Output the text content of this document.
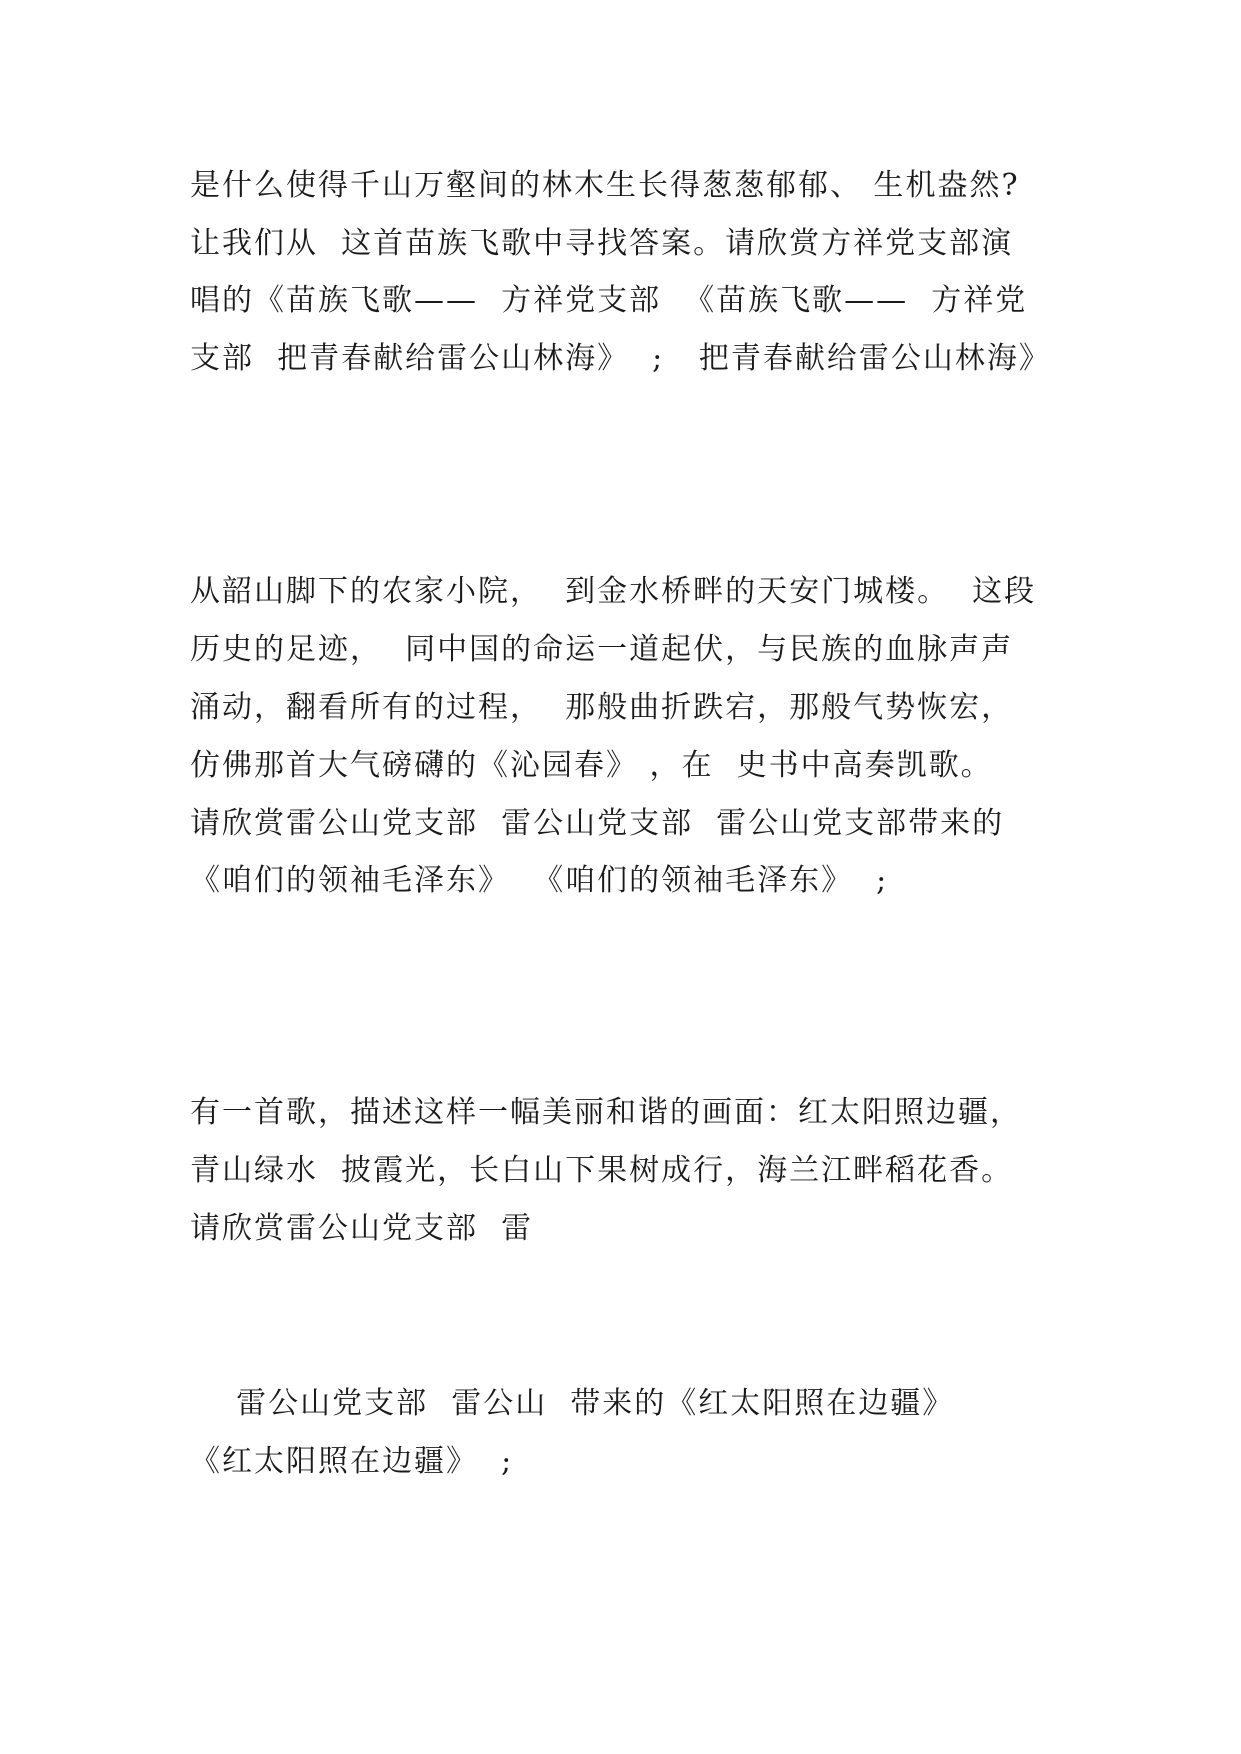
是什么使得千山万壑间的林木生长得葱葱郁郁、 生机盎然?
让我们从  这首苗族飞歌中寻找答案。请欣赏方祥党支部演
唱的《苗族飞歌——  方祥党支部  《苗族飞歌——  方祥党
支部  把青春献给雷公山林海》  ;   把青春献给雷公山林海》
从韶山脚下的农家小院，  到金水桥畔的天安门城楼。  这段
历史的足迹，  同中国的命运一道起伏，与民族的血脉声声
涌动，翻看所有的过程，  那般曲折跌宕，那般气势恢宏，
仿佛那首大气磅礴的《沁园春》 ，在  史书中高奏凯歌。
请欣赏雷公山党支部  雷公山党支部  雷公山党支部带来的
《咱们的领袖毛泽东》  《咱们的领袖毛泽东》  ;
有一首歌，描述这样一幅美丽和谐的画面：红太阳照边疆，
青山绿水  披霞光，长白山下果树成行，海兰江畔稻花香。
请欣赏雷公山党支部  雷
雷公山党支部  雷公山  带来的《红太阳照在边疆》
《红太阳照在边疆》  ;
